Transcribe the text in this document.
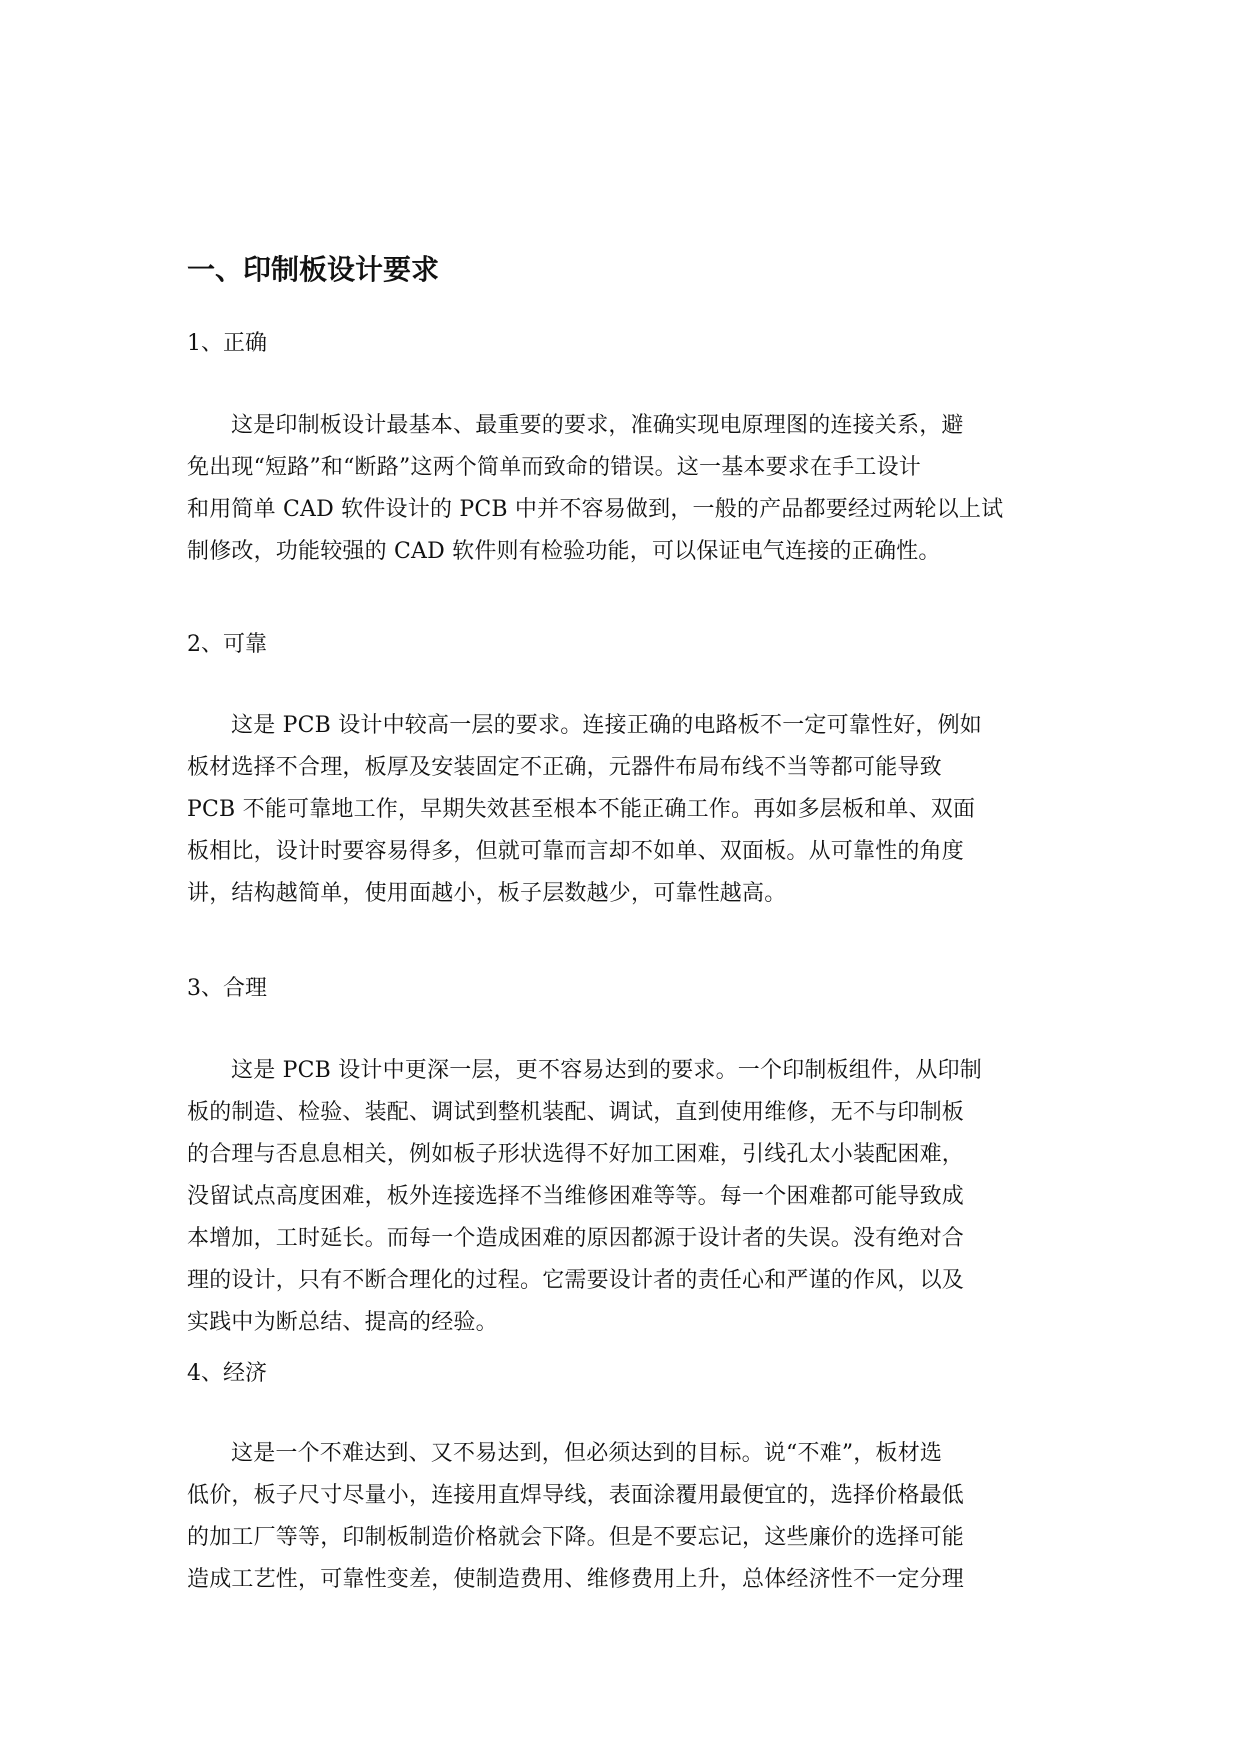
一、印制板设计要求
1、正确
这是印制板设计最基本、最重要的要求，准确实现电原理图的连接关系，避
免出现“短路”和“断路”这两个简单而致命的错误。这一基本要求在手工设计
和用简单 CAD 软件设计的 PCB 中并不容易做到，一般的产品都要经过两轮以上试
制修改，功能较强的 CAD 软件则有检验功能，可以保证电气连接的正确性。
2、可靠
这是 PCB 设计中较高一层的要求。连接正确的电路板不一定可靠性好，例如
板材选择不合理，板厚及安装固定不正确，元器件布局布线不当等都可能导致
PCB 不能可靠地工作，早期失效甚至根本不能正确工作。再如多层板和单、双面
板相比，设计时要容易得多，但就可靠而言却不如单、双面板。从可靠性的角度
讲，结构越简单，使用面越小，板子层数越少，可靠性越高。
3、合理
这是 PCB 设计中更深一层，更不容易达到的要求。一个印制板组件，从印制
板的制造、检验、装配、调试到整机装配、调试，直到使用维修，无不与印制板
的合理与否息息相关，例如板子形状选得不好加工困难，引线孔太小装配困难，
没留试点高度困难，板外连接选择不当维修困难等等。每一个困难都可能导致成
本增加，工时延长。而每一个造成困难的原因都源于设计者的失误。没有绝对合
理的设计，只有不断合理化的过程。它需要设计者的责任心和严谨的作风，以及
实践中为断总结、提高的经验。
4、经济
这是一个不难达到、又不易达到，但必须达到的目标。说“不难”，板材选
低价，板子尺寸尽量小，连接用直焊导线，表面涂覆用最便宜的，选择价格最低
的加工厂等等，印制板制造价格就会下降。但是不要忘记，这些廉价的选择可能
造成工艺性，可靠性变差，使制造费用、维修费用上升，总体经济性不一定分理
